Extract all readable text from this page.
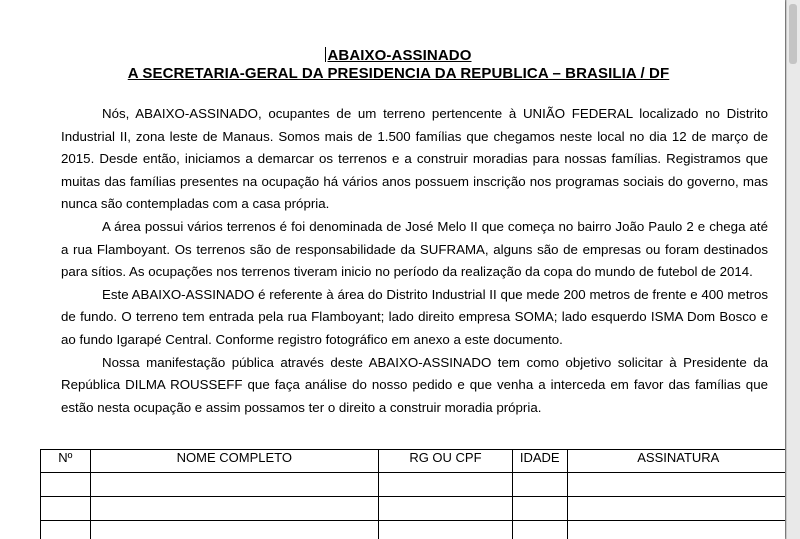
ABAIXO-ASSINADO
A SECRETARIA-GERAL DA PRESIDENCIA DA REPUBLICA – BRASILIA / DF

Nós, ABAIXO-ASSINADO, ocupantes de um terreno pertencente à UNIÃO FEDERAL localizado no Distrito Industrial II, zona leste de Manaus. Somos mais de 1.500 famílias que chegamos neste local no dia 12 de março de 2015. Desde então, iniciamos a demarcar os terrenos e a construir moradias para nossas famílias. Registramos que muitas das famílias presentes na ocupação há vários anos possuem inscrição nos programas sociais do governo, mas nunca são contempladas com a casa própria.

A área possui vários terrenos é foi denominada de José Melo II que começa no bairro João Paulo 2 e chega até a rua Flamboyant. Os terrenos são de responsabilidade da SUFRAMA, alguns são de empresas ou foram destinados para sítios. As ocupações nos terrenos tiveram inicio no período da realização da copa do mundo de futebol de 2014.

Este ABAIXO-ASSINADO é referente à área do Distrito Industrial II que mede 200 metros de frente e 400 metros de fundo. O terreno tem entrada pela rua Flamboyant; lado direito empresa SOMA; lado esquerdo ISMA Dom Bosco e ao fundo Igarapé Central. Conforme registro fotográfico em anexo a este documento.

Nossa manifestação pública através deste ABAIXO-ASSINADO tem como objetivo solicitar à Presidente da República DILMA ROUSSEFF que faça análise do nosso pedido e que venha a interceda em favor das famílias que estão nesta ocupação e assim possamos ter o direito a construir moradia própria.

Nº	NOME COMPLETO	RG OU CPF	IDADE	ASSINATURA
